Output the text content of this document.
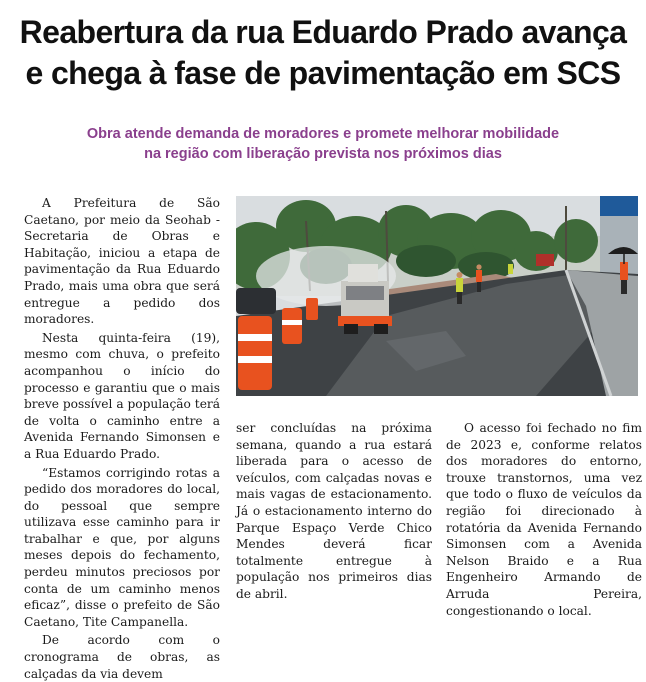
Reabertura da rua Eduardo Prado avança
e chega à fase de pavimentação em SCS
Obra atende demanda de moradores e promete melhorar mobilidade
na região com liberação prevista nos próximos dias

A Prefeitura de São Caetano, por meio da Seohab - Secretaria de Obras e Habitação, iniciou a etapa de pavimentação da Rua Eduardo Prado, mais uma obra que será entregue a pedido dos moradores.

Nesta quinta-feira (19), mesmo com chuva, o prefeito acompanhou o início do processo e garantiu que o mais breve possível a população terá de volta o caminho entre a Avenida Fernando Simonsen e a Rua Eduardo Prado.

“Estamos corrigindo rotas a pedido dos moradores do local, do pessoal que sempre utilizava esse caminho para ir trabalhar e que, por alguns meses depois do fechamento, perdeu minutos preciosos por conta de um caminho menos eficaz”, disse o prefeito de São Caetano, Tite Campanella.

De acordo com o cronograma de obras, as calçadas da via devem

ser concluídas na próxima semana, quando a rua estará liberada para o acesso de veículos, com calçadas novas e mais vagas de estacionamento. Já o estacionamento interno do Parque Espaço Verde Chico Mendes deverá ficar totalmente entregue à população nos primeiros dias de abril.

O acesso foi fechado no fim de 2023 e, conforme relatos dos moradores do entorno, trouxe transtornos, uma vez que todo o fluxo de veículos da região foi direcionado à rotatória da Avenida Fernando Simonsen com a Avenida Nelson Braido e a Rua Engenheiro Armando de Arruda Pereira, congestionando o local.
